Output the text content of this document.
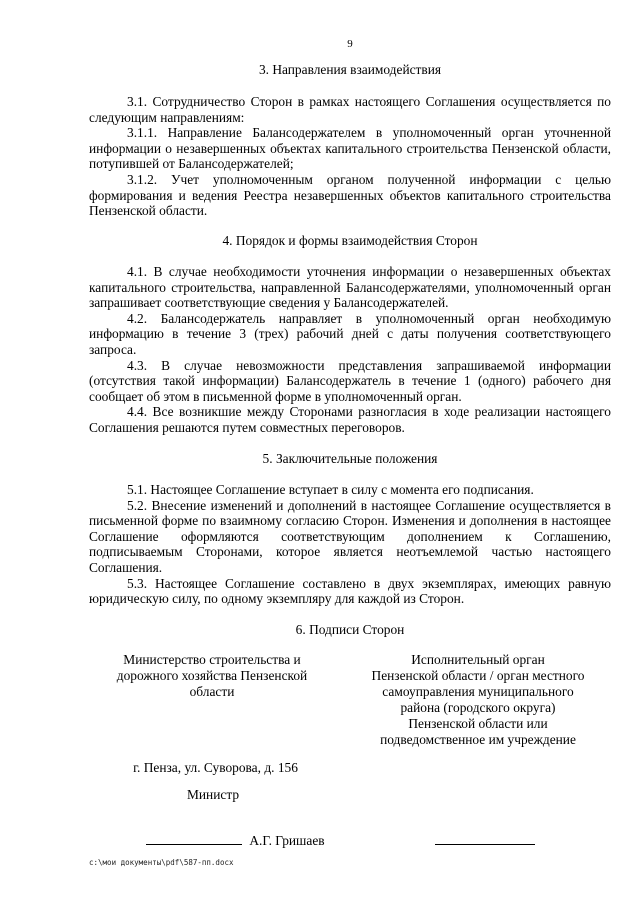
9
3. Направления взаимодействия

3.1. Сотрудничество Сторон в рамках настоящего Соглашения осуществляется по следующим направлениям:

3.1.1. Направление Балансодержателем в уполномоченный орган уточненной информации о незавершенных объектах капитального строительства Пензенской области, потупившей от Балансодержателей;

3.1.2. Учет уполномоченным органом полученной информации с целью формирования и ведения Реестра незавершенных объектов капитального строительства Пензенской области.

4. Порядок и формы взаимодействия Сторон

4.1. В случае необходимости уточнения информации о незавершенных объектах капитального строительства, направленной Балансодержателями, уполномоченный орган запрашивает соответствующие сведения у Балансодержателей.

4.2. Балансодержатель направляет в уполномоченный орган необходимую информацию в течение 3 (трех) рабочий дней с даты получения соответствующего запроса.

4.3. В случае невозможности представления запрашиваемой информации (отсутствия такой информации) Балансодержатель в течение 1 (одного) рабочего дня сообщает об этом в письменной форме в уполномоченный орган.

4.4. Все возникшие между Сторонами разногласия в ходе реализации настоящего Соглашения решаются путем совместных переговоров.

5. Заключительные положения

5.1. Настоящее Соглашение вступает в силу с момента его подписания.

5.2. Внесение изменений и дополнений в настоящее Соглашение осуществляется в письменной форме по взаимному согласию Сторон. Изменения и дополнения в настоящее Соглашение оформляются соответствующим дополнением к Соглашению, подписываемым Сторонами, которое является неотъемлемой частью настоящего Соглашения.

5.3. Настоящее Соглашение составлено в двух экземплярах, имеющих равную юридическую силу, по одному экземпляру для каждой из Сторон.

6. Подписи Сторон
Министерство строительства и
дорожного хозяйства Пензенской
области
Исполнительный орган
Пензенской области / орган местного
самоуправления муниципального
района (городского округа)
Пензенской области или
подведомственное им учреждение
г. Пенза, ул. Суворова, д. 156
Министр
А.Г. Гришаев
c:\мои документы\pdf\587-пп.docx
